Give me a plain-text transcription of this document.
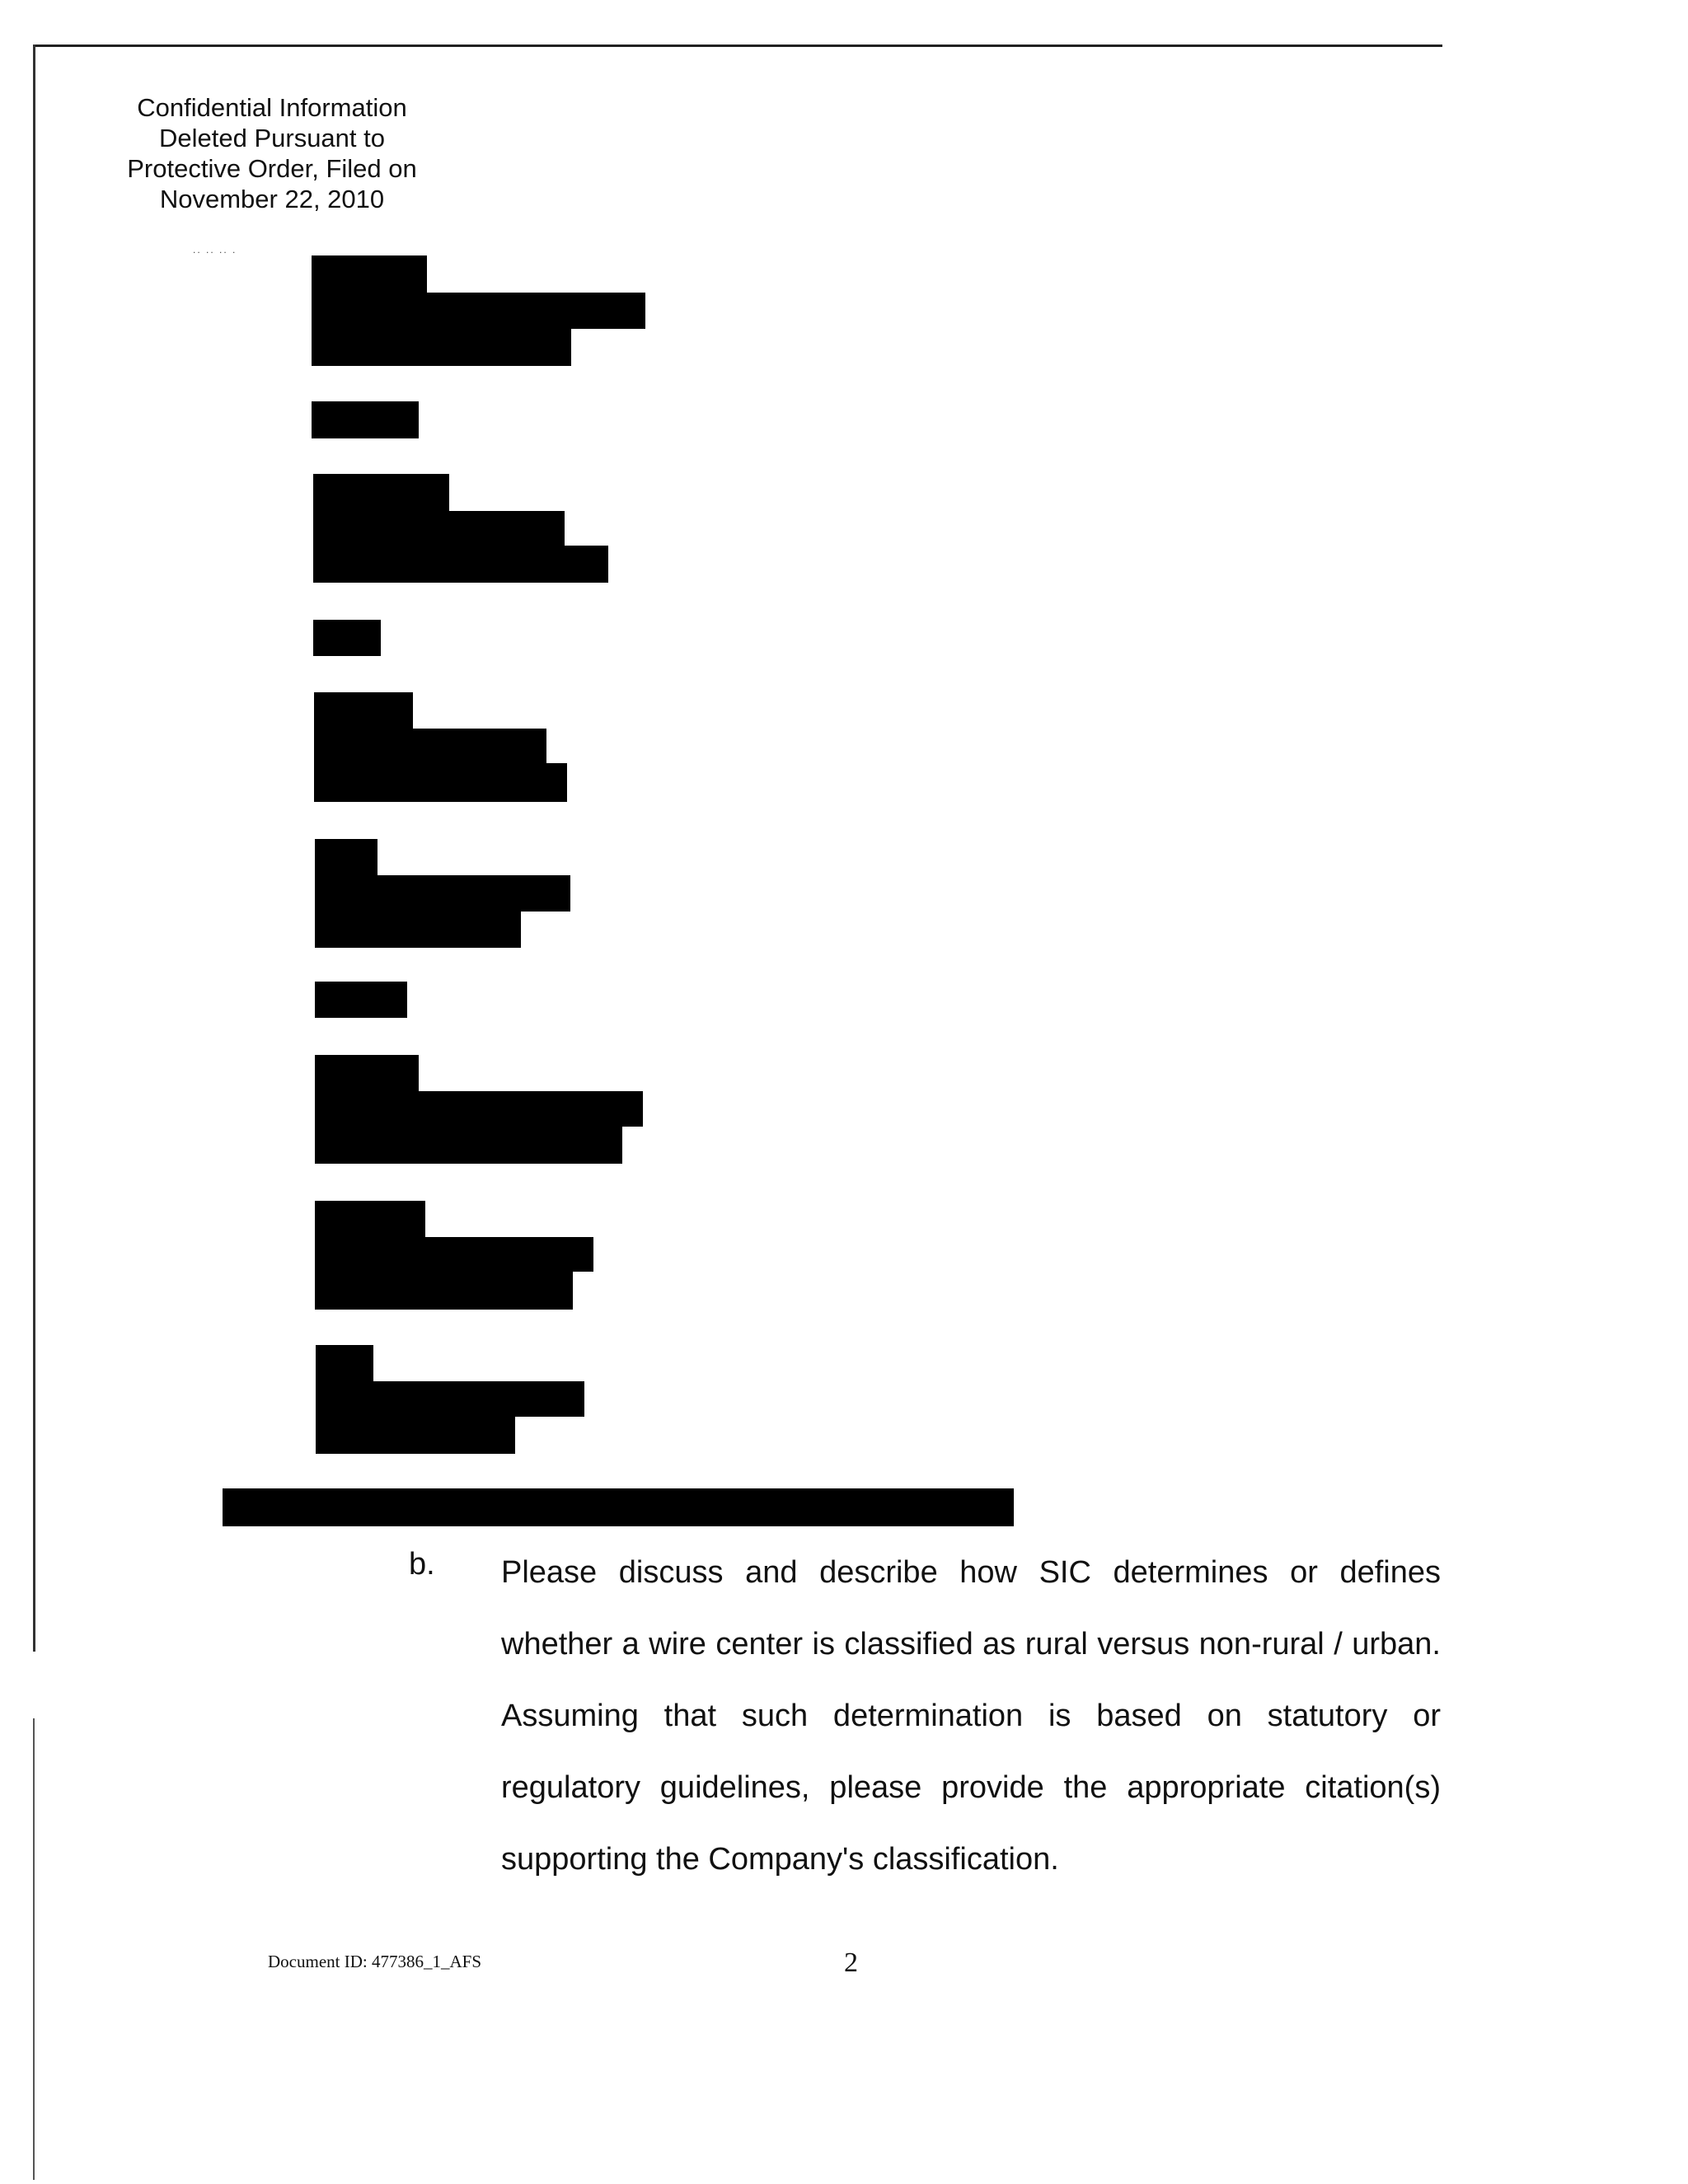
Confidential Information
Deleted Pursuant to
Protective Order, Filed on
November 22, 2010
.. .. .. .
b. Please discuss and describe how SIC determines or defines whether a wire center is classified as rural versus non-rural / urban. Assuming that such determination is based on statutory or regulatory guidelines, please provide the appropriate citation(s) supporting the Company's classification.

Document ID: 477386_1_AFS	2
